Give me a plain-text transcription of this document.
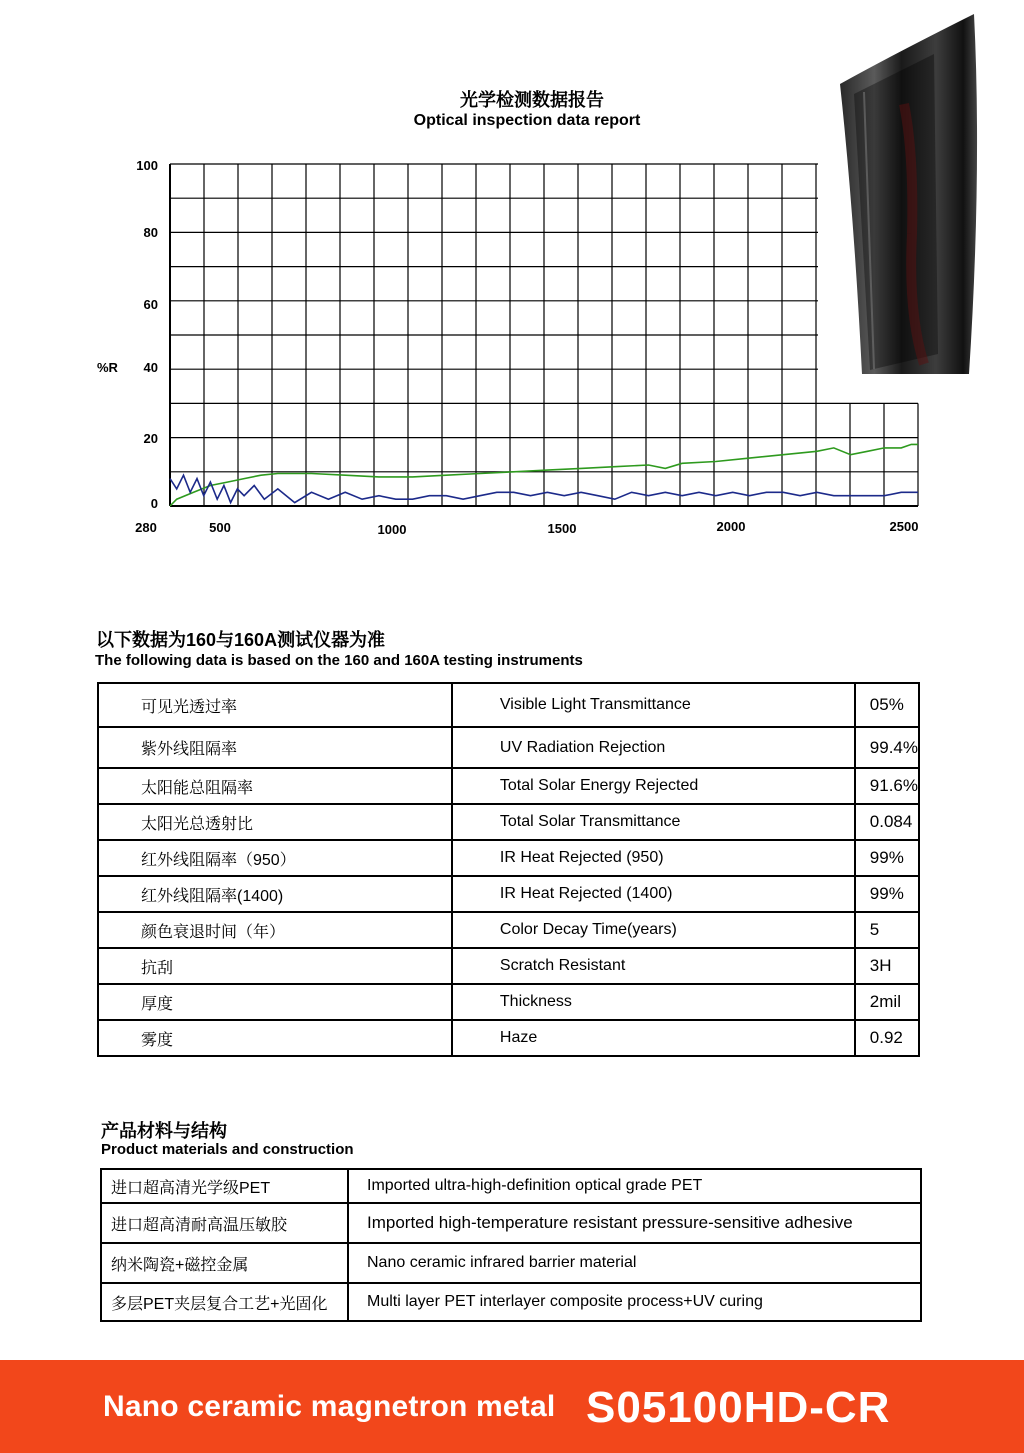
光学检测数据报告
Optical inspection data report
0
20
40
60
80
100
280	500	1000	1500	2000	2500
%R
以下数据为160与160A测试仪器为准
The following data is based on the 160 and 160A testing instruments
可见光透过率	Visible Light Transmittance	05%
紫外线阻隔率	UV Radiation Rejection	99.4%
太阳能总阻隔率	Total Solar Energy Rejected	91.6%
太阳光总透射比	Total Solar Transmittance	0.084
红外线阻隔率（950）	IR Heat Rejected (950)	99%
红外线阻隔率(1400)	IR Heat Rejected (1400)	99%
颜色衰退时间（年）	Color Decay Time(years)	5
抗刮	Scratch Resistant	3H
厚度	Thickness	2mil
雾度	Haze	0.92
产品材料与结构
Product materials and construction
进口超高清光学级PET	Imported ultra-high-definition optical grade PET
进口超高清耐高温压敏胶	Imported high-temperature resistant pressure-sensitive adhesive
纳米陶瓷+磁控金属	Nano ceramic infrared barrier material
多层PET夹层复合工艺+光固化	Multi layer PET interlayer composite process+UV curing
Nano ceramic magnetron metal S05100HD-CR
